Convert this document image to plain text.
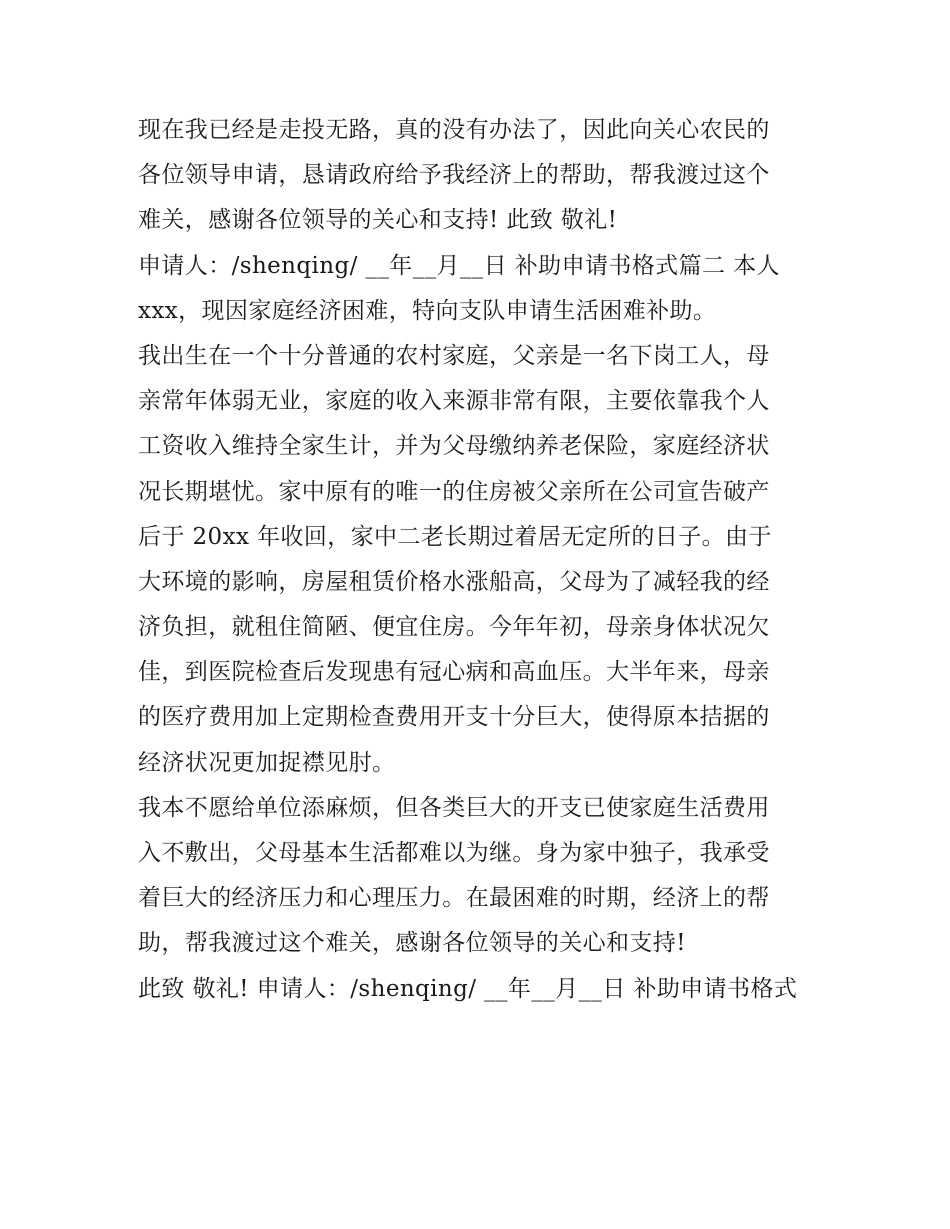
现在我已经是走投无路，真的没有办法了，因此向关心农民的
各位领导申请，恳请政府给予我经济上的帮助，帮我渡过这个
难关，感谢各位领导的关心和支持! 此致 敬礼!
申请人：/shenqing/ __年__月__日 补助申请书格式篇二 本人
xxx，现因家庭经济困难，特向支队申请生活困难补助。
我出生在一个十分普通的农村家庭，父亲是一名下岗工人，母
亲常年体弱无业，家庭的收入来源非常有限，主要依靠我个人
工资收入维持全家生计，并为父母缴纳养老保险，家庭经济状
况长期堪忧。家中原有的唯一的住房被父亲所在公司宣告破产
后于 20xx 年收回，家中二老长期过着居无定所的日子。由于
大环境的影响，房屋租赁价格水涨船高，父母为了减轻我的经
济负担，就租住简陋、便宜住房。今年年初，母亲身体状况欠
佳，到医院检查后发现患有冠心病和高血压。大半年来，母亲
的医疗费用加上定期检查费用开支十分巨大，使得原本拮据的
经济状况更加捉襟见肘。
我本不愿给单位添麻烦，但各类巨大的开支已使家庭生活费用
入不敷出，父母基本生活都难以为继。身为家中独子，我承受
着巨大的经济压力和心理压力。在最困难的时期，经济上的帮
助，帮我渡过这个难关，感谢各位领导的关心和支持!
此致 敬礼! 申请人：/shenqing/ __年__月__日 补助申请书格式
